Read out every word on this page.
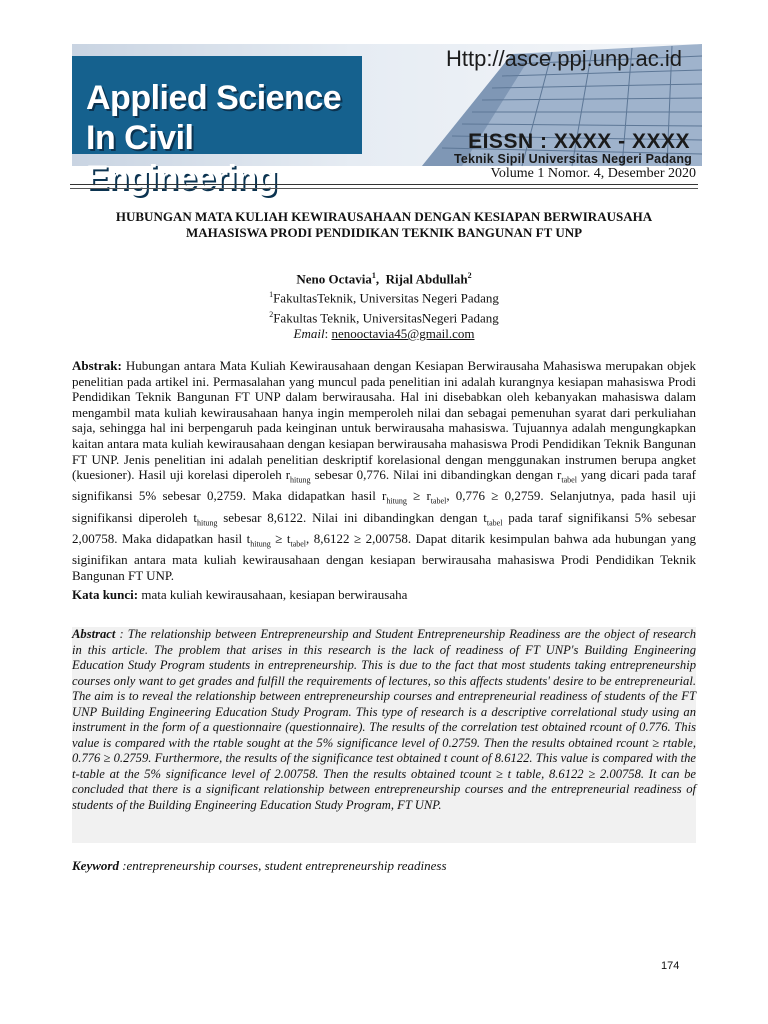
Applied Science
In Civil Engineering
Http://asce.ppj.unp.ac.id
EISSN : XXXX - XXXX
Teknik Sipil Universitas Negeri Padang
Volume 1 Nomor. 4, Desember 2020
HUBUNGAN MATA KULIAH KEWIRAUSAHAAN DENGAN KESIAPAN BERWIRAUSAHA
MAHASISWA PRODI PENDIDIKAN TEKNIK BANGUNAN FT UNP
Neno Octavia$^1$,  Rijal Abdullah$^2$
$^1$FakultasTeknik, Universitas Negeri Padang
$^2$Fakultas Teknik, UniversitasNegeri Padang
Email: nenooctavia45@gmail.com
Abstrak: Hubungan antara Mata Kuliah Kewirausahaan dengan Kesiapan Berwirausaha Mahasiswa merupakan objek penelitian pada artikel ini. Permasalahan yang muncul pada penelitian ini adalah kurangnya kesiapan mahasiswa Prodi Pendidikan Teknik Bangunan FT UNP dalam berwirausaha. Hal ini disebabkan oleh kebanyakan mahasiswa dalam mengambil mata kuliah kewirausahaan hanya ingin memperoleh nilai dan sebagai pemenuhan syarat dari perkuliahan saja, sehingga hal ini berpengaruh pada keinginan untuk berwirausaha mahasiswa. Tujuannya adalah mengungkapkan kaitan antara mata kuliah kewirausahaan dengan kesiapan berwirausaha mahasiswa Prodi Pendidikan Teknik Bangunan FT UNP. Jenis penelitian ini adalah penelitian deskriptif korelasional dengan menggunakan instrumen berupa angket (kuesioner). Hasil uji korelasi diperoleh $r_{hitung}$ sebesar 0,776. Nilai ini dibandingkan dengan $r_{tabel}$ yang dicari pada taraf signifikansi 5% sebesar 0,2759. Maka didapatkan hasil $r_{hitung} \ge r_{tabel}$, 0,776 ≥ 0,2759. Selanjutnya, pada hasil uji signifikansi diperoleh $t_{hitung}$ sebesar 8,6122. Nilai ini dibandingkan dengan $t_{tabel}$ pada taraf signifikansi 5% sebesar 2,00758. Maka didapatkan hasil $t_{hitung} \ge t_{tabel}$, 8,6122 ≥ 2,00758. Dapat ditarik kesimpulan bahwa ada hubungan yang siginifikan antara mata kuliah kewirausahaan dengan kesiapan berwirausaha mahasiswa Prodi Pendidikan Teknik Bangunan FT UNP.
Kata kunci: mata kuliah kewirausahaan, kesiapan berwirausaha
Abstract : The relationship between Entrepreneurship and Student Entrepreneurship Readiness are the object of research in this article. The problem that arises in this research is the lack of readiness of FT UNP's Building Engineering Education Study Program students in entrepreneurship. This is due to the fact that most students taking entrepreneurship courses only want to get grades and fulfill the requirements of lectures, so this affects students' desire to be entrepreneurial. The aim is to reveal the relationship between entrepreneurship courses and entrepreneurial readiness of students of the FT UNP Building Engineering Education Study Program. This type of research is a descriptive correlational study using an instrument in the form of a questionnaire (questionnaire). The results of the correlation test obtained rcount of 0.776. This value is compared with the rtable sought at the 5% significance level of 0.2759. Then the results obtained rcount ≥ rtable, 0.776 ≥ 0.2759. Furthermore, the results of the significance test obtained t count of 8.6122. This value is compared with the t-table at the 5% significance level of 2.00758. Then the results obtained tcount ≥ t table, 8.6122 ≥ 2.00758. It can be concluded that there is a significant relationship between entrepreneurship courses and the entrepreneurial readiness of students of the Building Engineering Education Study Program, FT UNP.
Keyword :entrepreneurship courses, student entrepreneurship readiness
174
